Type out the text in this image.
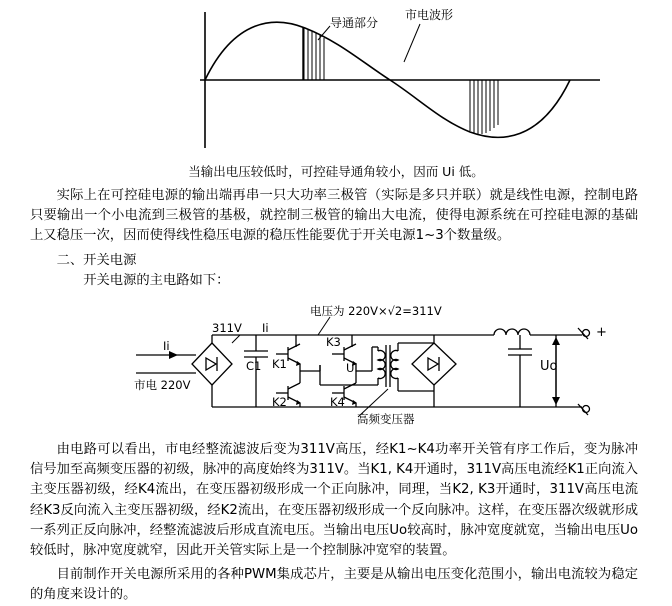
导通部分
市电波形
当输出电压较低时，可控硅导通角较小，因而 Ui 低。

实际上在可控硅电源的输出端再串一只大功率三极管（实际是多只并联）就是线性电源，控制电路只要输出一个小电流到三极管的基极，就控制三极管的输出大电流，使得电源系统在可控硅电源的基础上又稳压一次，因而使得线性稳压电源的稳压性能要优于开关电源1~3个数量级。

二、开关电源

开关电源的主电路如下：

311V
Ii
Ii
电压为 220V×√2=311V
市电 220V
C1 K1
K2
K3
K4
Ui
高频变压器
Uo
+

由电路可以看出，市电经整流滤波后变为311V高压，经K1~K4功率开关管有序工作后，变为脉冲信号加至高频变压器的初级，脉冲的高度始终为311V。当K1, K4开通时，311V高压电流经K1正向流入主变压器初级，经K4流出，在变压器初级形成一个正向脉冲，同理，当K2, K3开通时，311V高压电流经K3反向流入主变压器初级，经K2流出，在变压器初级形成一个反向脉冲。这样，在变压器次级就形成一系列正反向脉冲，经整流滤波后形成直流电压。当输出电压Uo较高时，脉冲宽度就宽，当输出电压Uo较低时，脉冲宽度就窄，因此开关管实际上是一个控制脉冲宽窄的装置。

目前制作开关电源所采用的各种PWM集成芯片，主要是从输出电压变化范围小，输出电流较为稳定的角度来设计的。
